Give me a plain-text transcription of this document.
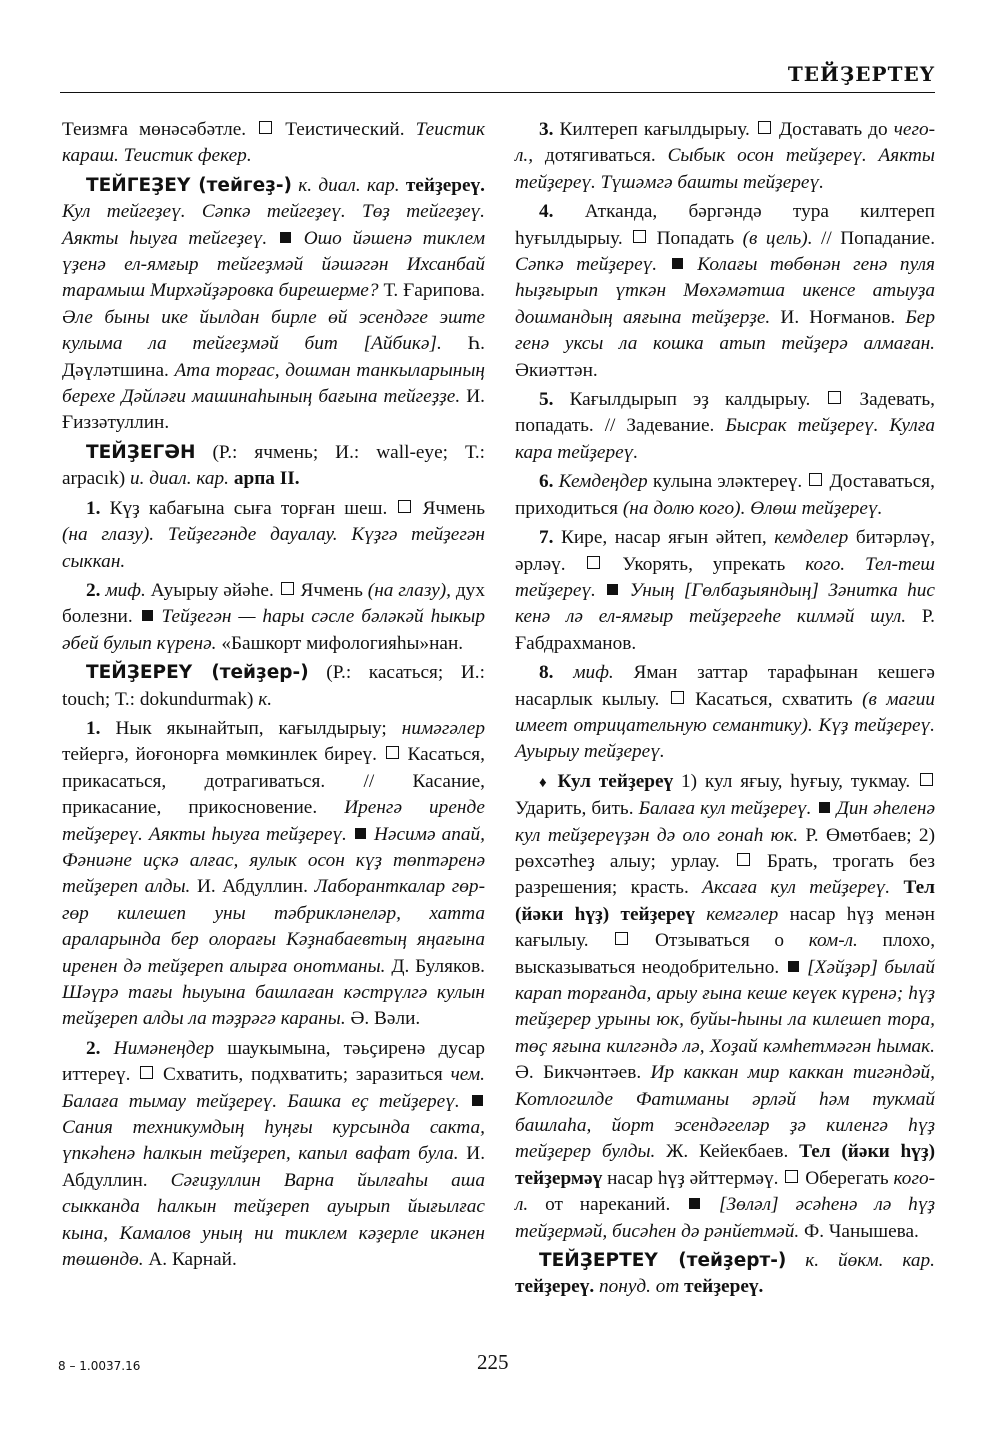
ТЕЙҘЕРТЕҮ

Теизмға мөнәсәбәтле. Теистический. Теистик караш. Теистик фекер.

ТЕЙГЕҘЕҮ (тейгеҙ-) к. диал. кар. тейҙереү. Кул тейгеҙеү. Сәпкә тейгеҙеү. Төҙ тейгеҙеү. Аякты һыуға тейгеҙеү. Ошо йәшенә тиклем үҙенә ел-ямғыр тейгеҙмәй йәшәгән Ихсанбай тарамыш Мирхәйҙәровка бирешерме? Т. Ғарипова. Әле быны ике йылдан бирле өй эсендәге эште кулыма ла тейгеҙмәй бит [Айбикә]. Һ. Дәүләтшина. Ата торғас, дошман танкыларының берехе Дәйләғи машинаһының бағына тейгеҙҙе. И. Ғиззәтуллин.

ТЕЙҘЕГӘН (Р.: ячмень; И.: wall-eye; Т.: arpacık) и. диал. кар. арпа II.

1. Күҙ кабағына сыға торған шеш. Ячмень (на глазу). Тейҙегәнде дауалау. Күҙгә тейҙегән сыккан.

2. миф. Ауырыу әйәһе. Ячмень (на глазу), дух болезни. Тейҙегән — һары сәсле бәләкәй һыкыр әбей булып күренә. «Башкорт мифологияһы»нан.

ТЕЙҘЕРЕҮ (тейҙер-) (Р.: касаться; И.: touch; Т.: dokundurmak) к.

1. Нык якынайтып, кағылдырыу; нимәгәлер тейергә, йоғонорға мөмкинлек биреү. Касаться, прикасаться, дотрагиваться. // Касание, прикасание, прикосновение. Иренгә иренде тейҙереү. Аякты һыуға тейҙереү. Нәсимә апай, Фәниәне иҫкә алғас, яулык осон күҙ төптәренә тейҙереп алды. И. Абдуллин. Лаборанткалар гөр-гөр килешеп уны тәбрикләнеләр, хатта араларында бер олорағы Кәҙнабаевтың яңағына иренен дә тейҙереп алырға онотманы. Д. Буляков. Шәүрә тағы һыуына башлаған кәстрүлгә кулын тейҙереп алды ла тәҙрәгә караны. Ә. Вәли.

2. Нимәнеңдер шаукымына, тәьҫиренә дусар иттереү. Схватить, подхватить; заразиться чем. Балаға тымау тейҙереү. Башка еҫ тейҙереү.  Сания техникумдың һуңғы курсында сакта, үпкәһенә һалкын тейҙереп, капыл вафат була. И. Абдуллин. Сәғиҙуллин Варна йылғаһы аша сыкканда һалкын тейҙереп ауырып йығылғас кына, Камалов уның ни тиклем кәҙерле икәнен төшөндө. А. Карнай.

3. Килтереп кағылдырыу. Доставать до чего-л., дотягиваться. Сыбык осон тейҙереү. Аякты тейҙереү. Түшәмгә башты тейҙереү.

4. Атканда, бәргәндә тура килтереп һуғылдырыу. Попадать (в цель). // Попадание. Сәпкә тейҙереү. Колағы төбөнән генә пуля һыҙғырып үткән Мөхәмәтша икенсе атыуҙа дошмандың аяғына тейҙерҙе. И. Ноғманов. Бер генә уксы ла кошка атып тейҙерә алмаған. Әкиәттән.

5. Кағылдырып эҙ калдырыу.	Задевать, попадать. // Задевание. Бысрак тейҙереү. Кулға кара тейҙереү.

6. Кемдеңдер кулына эләктереү. Доставаться, приходиться (на долю кого). Өлөш тейҙереү.

7. Кире, насар яғын әйтеп, кемделер битәрләү, әрләү.	Укорять, упрекать кого. Тел-теш тейҙереү. Уның [Гөлбаҙыяндың] Зәнитка һис кенә лә ел-ямғыр тейҙергеһе килмәй шул. Р. Ғабдрахманов.

8. миф. Яман заттар тарафынан кешегә насарлык кылыу. Касаться, схватить (в магии имеет отрицательную семантику). Күҙ тейҙереү. Ауырыу тейҙереү.

♦ Кул тейҙереү 1) кул яғыу, һуғыу, тукмау.  Ударить, бить. Балаға кул тейҙереү. Дин әһеленә кул тейҙереүҙән дә оло гонаһ юк. Р. Өмөтбаев; 2) рөхсәтһеҙ алыу; урлау. Брать, трогать без разрешения; красть. Аксаға кул тейҙереү. Тел (йәки һүҙ) тейҙереү кемгәлер насар һүҙ менән кағылыу.	Отзываться о ком-л. плохо, высказываться неодобрительно. [Хәйҙәр] былай карап торғанда, арыу ғына кеше кеүек күренә; һүҙ тейҙерер урыны юк, буйы-һыны ла килешеп тора, төҫ яғына килгәндә лә, Хоҙай кәмһетмәгән һымак. Ә. Бикчәнтәев. Ир каккан мир каккан тигәндәй, Котлогилде Фатиманы әрләй һәм тукмай башлаһа, йорт эсендәгеләр ҙә киленгә һүҙ тейҙерер булды. Ж. Кейекбаев. Тел (йәки һүҙ) тейҙермәү насар һүҙ әйттермәү. Оберегать кого-л. от нареканий.	[Зөләл] әсәһенә лә һүҙ тейҙермәй, бисәһен дә рәнйетмәй. Ф. Чанышева.

ТЕЙҘЕРТЕҮ (тейҙерт-) к. йөкм. кар. тейҙереү. понуд. от тейҙереү.

8 – 1.0037.16	225
